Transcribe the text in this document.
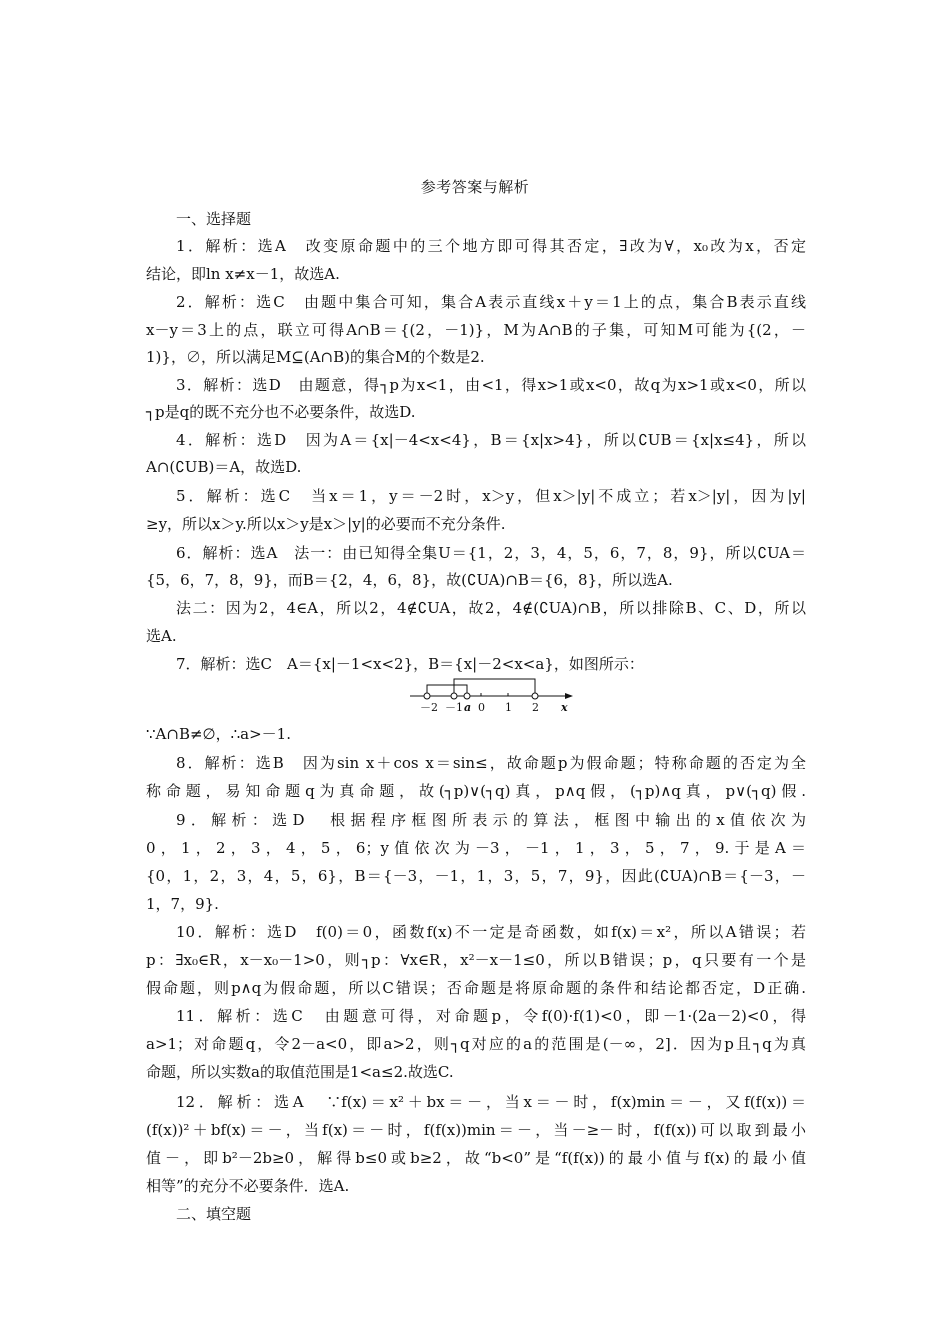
参考答案与解析
一、选择题
1．解析：选A　改变原命题中的三个地方即可得其否定，∃改为∀，x₀改为x，否定
结论，即ln x≠x－1，故选A.
2．解析：选C　由题中集合可知，集合A表示直线x＋y＝1上的点，集合B表示直线
x－y＝3上的点，联立可得A∩B＝{(2，－1)}，M为A∩B的子集，可知M可能为{(2，－
1)}，∅，所以满足M⊆(A∩B)的集合M的个数是2.
3．解析：选D　由题意，得┐p为x<1，由<1，得x>1或x<0，故q为x>1或x<0，所以
┐p是q的既不充分也不必要条件，故选D.
4．解析：选D　因为A＝{x|－4<x<4}，B＝{x|x>4}，所以∁UB＝{x|x≤4}，所以
A∩(∁UB)＝A，故选D.
5．解析：选C　当x＝1，y＝－2时，x＞y，但x＞|y|不成立；若x＞|y|，因为|y|
≥y，所以x＞y.所以x＞y是x＞|y|的必要而不充分条件.
6．解析：选A　法一：由已知得全集U＝{1，2，3，4，5，6，7，8，9}，所以∁UA＝
{5，6，7，8，9}，而B＝{2，4，6，8}，故(∁UA)∩B＝{6，8}，所以选A.
法二：因为2，4∈A，所以2，4∉∁UA，故2，4∉(∁UA)∩B，所以排除B、C、D，所以
选A.
7．解析：选C　A＝{x|－1<x<2}，B＝{x|－2<x<a}，如图所示：
∵A∩B≠∅，∴a>－1.
8．解析：选B　因为sin x＋cos x＝sin≤，故命题p为假命题；特称命题的否定为全
称命题，易知命题q为真命题，故(┐p)∨(┐q)真，p∧q假，(┐p)∧q真，p∨(┐q)假.
9．解析：选D　根据程序框图所表示的算法，框图中输出的x值依次为
0，1，2，3，4，5，6；y值依次为－3，－1，1，3，5，7，9.于是A＝
{0，1，2，3，4，5，6}，B＝{－3，－1，1，3，5，7，9}，因此(∁UA)∩B＝{－3，－
1，7，9}.
10．解析：选D　f(0)＝0，函数f(x)不一定是奇函数，如f(x)＝x²，所以A错误；若
p：∃x₀∈R，x－x₀－1>0，则┐p：∀x∈R，x²－x－1≤0，所以B错误；p，q只要有一个是
假命题，则p∧q为假命题，所以C错误；否命题是将原命题的条件和结论都否定，D正确.
11．解析：选C　由题意可得，对命题p，令f(0)·f(1)<0，即－1·(2a－2)<0，得
a>1；对命题q，令2－a<0，即a>2，则┐q对应的a的范围是(－∞，2]．因为p且┐q为真
命题，所以实数a的取值范围是1<a≤2.故选C.
12．解析：选A　∵f(x)＝x²＋bx＝－，当x＝－时，f(x)min＝－，又f(f(x))＝
(f(x))²＋bf(x)＝－，当f(x)＝－时，f(f(x))min＝－，当－≥－时，f(f(x))可以取到最小
值－，即b²－2b≥0，解得b≤0或b≥2，故“b<0”是“f(f(x))的最小值与f(x)的最小值
相等”的充分不必要条件．选A.
二、填空题
－2 －1 a 0 1 2 x
